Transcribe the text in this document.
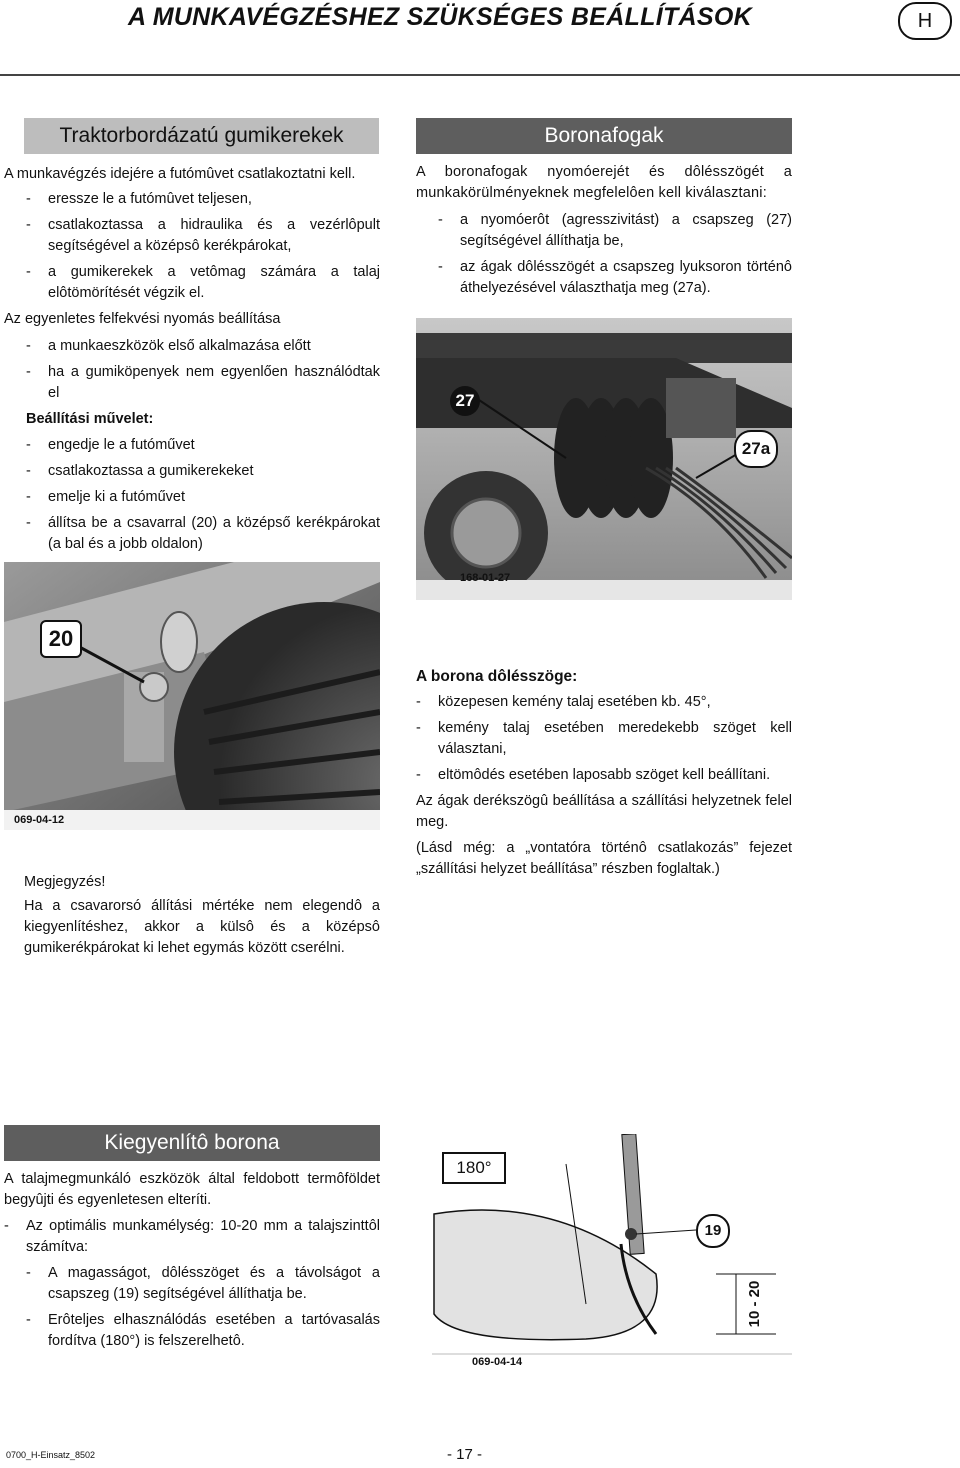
A MUNKAVÉGZÉSHEZ SZÜKSÉGES BEÁLLÍTÁSOK	H
Traktorbordázatú gumikerekek

A munkavégzés idejére a futómûvet csatlakoztatni kell.

- eressze le a futómûvet teljesen,
- csatlakoztassa a hidraulika és a vezérlôpult segítségével a középsô kerékpárokat,
- a gumikerekek a vetômag számára a talaj elôtömörítését végzik el.

Az egyenletes felfekvési nyomás beállítása

- a munkaeszközök első alkalmazása előtt
- ha a gumiköpenyek nem egyenlően használódtak el

Beállítási művelet:

- engedje le a futóművet
- csatlakoztassa a gumikerekeket
- emelje ki a futóművet
- állítsa be a csavarral (20) a középső kerékpárokat (a bal és a jobb oldalon)
20
069-04-12

Megjegyzés!

Ha a csavarorsó állítási mértéke nem elegendô a kiegyenlítéshez, akkor a külsô és a középsô gumikerékpárokat ki lehet egymás között cserélni.

Boronafogak

A boronafogak nyomóerejét és dôlésszögét a munkakörülményeknek megfelelôen kell kiválasztani:

- a nyomóerôt (agresszivitást) a csapszeg (27) segítségével állíthatja be,
- az ágak dôlésszögét a csapszeg lyuksoron történô áthelyezésével választhatja meg (27a).
27
27a
168-01-27

A borona dôlésszöge:

- közepesen kemény talaj esetében kb. 45°,
- kemény talaj esetében meredekebb szöget kell választani,
- eltömôdés esetében laposabb szöget kell beállítani.

Az ágak derékszögû beállítása a szállítási helyzetnek felel meg.

(Lásd még: a „vontatóra történô csatlakozás” fejezet „szállítási helyzet beállítása” részben foglaltak.)

Kiegyenlítô borona

A talajmegmunkáló eszközök által feldobott termôföldet begyûjti és egyenletesen elteríti.

- Az optimális munkamélység: 10-20 mm a talajszinttôl számítva:
- A magasságot, dôlésszöget és a távolságot a csapszeg (19) segítségével állíthatja be.
- Erôteljes elhasználódás esetében a tartóvasalás fordítva (180°) is felszerelhetô.
180°
19
10 - 20
069-04-14
0700_H-Einsatz_8502	- 17 -
